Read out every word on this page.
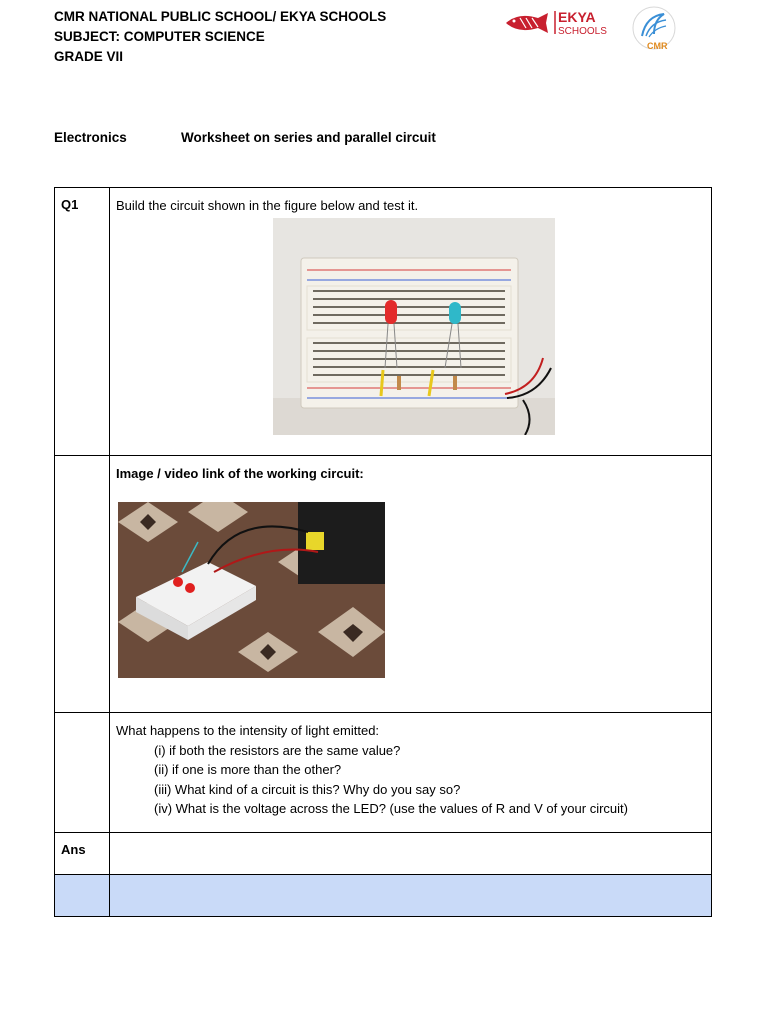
CMR NATIONAL PUBLIC SCHOOL/ EKYA SCHOOLS
SUBJECT: COMPUTER SCIENCE
GRADE VII
EKYA
SCHOOLS
CMR
Electronics	Worksheet on series and parallel circuit
Q1	Build the circuit shown in the figure below and test it.

	Image / video link of the working circuit:

	What happens to the intensity of light emitted:
(i) if both the resistors are the same value?
(ii) if one is more than the other?
(iii) What kind of a circuit is this? Why do you say so?
(iv) What is the voltage across the LED? (use the values of R and V of your circuit)

Ans	
